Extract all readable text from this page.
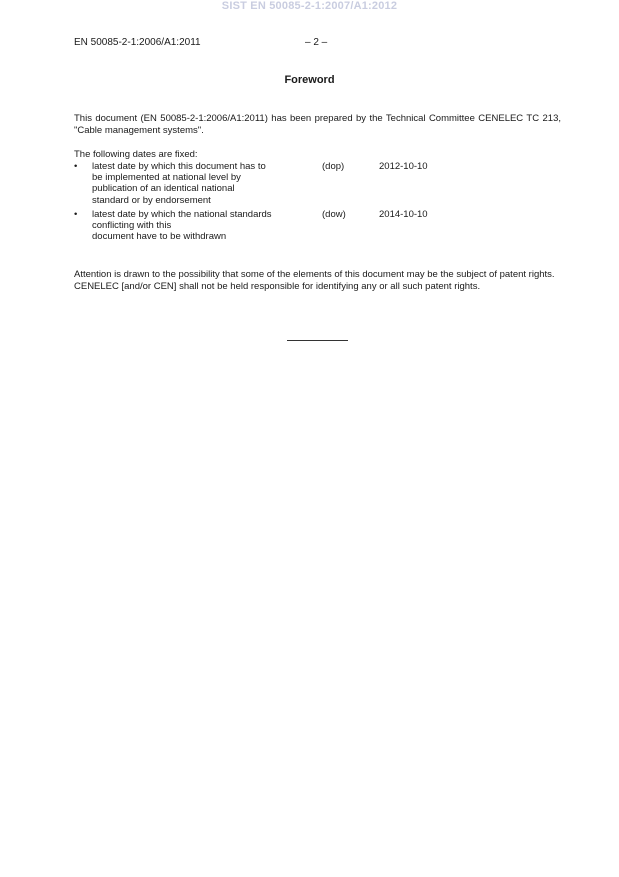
SIST EN 50085-2-1:2007/A1:2012
EN 50085-2-1:2006/A1:2011	– 2 –
Foreword
This document (EN 50085-2-1:2006/A1:2011) has been prepared by the Technical Committee CENELEC TC 213, "Cable management systems".
The following dates are fixed:
•	latest date by which this document has to
be implemented at national level by
publication of an identical national
standard or by endorsement
(dop)	2012-10-10
•	latest date by which the national standards
conflicting with this
document have to be withdrawn
(dow)	2014-10-10
Attention is drawn to the possibility that some of the elements of this document may be the subject of patent rights. CENELEC [and/or CEN] shall not be held responsible for identifying any or all such patent rights.
